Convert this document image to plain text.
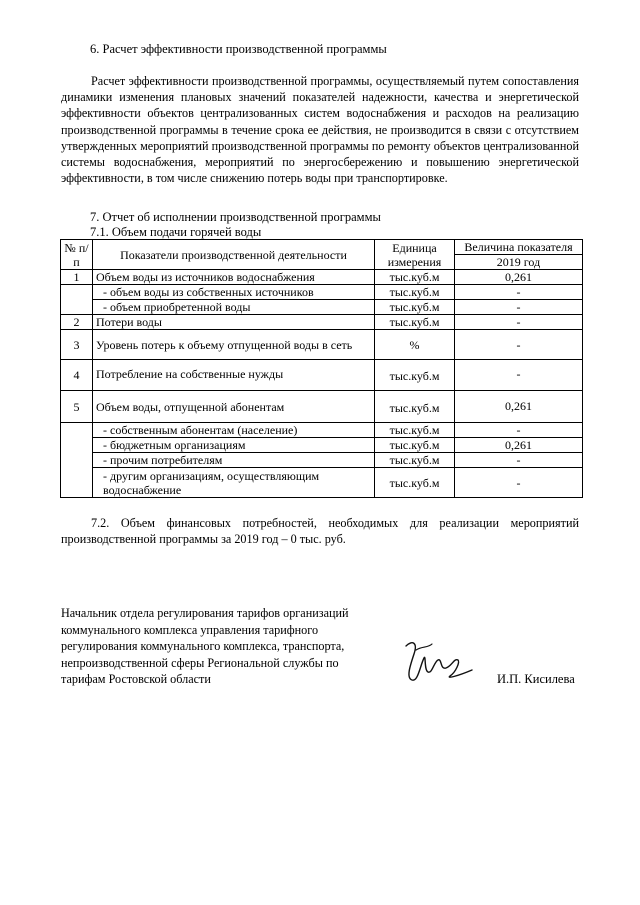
6. Расчет эффективности производственной программы
Расчет эффективности производственной программы, осуществляемый путем сопоставления динамики изменения плановых значений показателей надежности, качества и энергетической эффективности объектов централизованных систем водоснабжения и расходов на реализацию производственной программы в течение срока ее действия, не производится в связи с отсутствием утвержденных мероприятий производственной программы по ремонту объектов централизованной системы водоснабжения, мероприятий по энергосбережению и повышению энергетической эффективности, в том числе снижению потерь воды при транспортировке.
7. Отчет об исполнении производственной программы
7.1. Объем подачи горячей воды
№ п/п	Показатели производственной деятельности	Единица измерения	Величина показателя
			2019 год
1	Объем воды из источников водоснабжения	тыс.куб.м	0,261
	- объем воды из собственных источников	тыс.куб.м	-
	- объем приобретенной воды	тыс.куб.м	-
2	Потери воды	тыс.куб.м	-
3	Уровень потерь к объему отпущенной воды в сеть	%	-
4	Потребление на собственные нужды	тыс.куб.м	-
5	Объем воды, отпущенной абонентам	тыс.куб.м	0,261
	- собственным абонентам (население)	тыс.куб.м	-
	- бюджетным организациям	тыс.куб.м	0,261
	- прочим потребителям	тыс.куб.м	-
	- другим организациям, осуществляющим водоснабжение	тыс.куб.м	-
7.2. Объем финансовых потребностей, необходимых для реализации мероприятий производственной программы за 2019 год – 0 тыс. руб.
Начальник отдела регулирования тарифов организаций коммунального комплекса управления тарифного регулирования коммунального комплекса, транспорта, непроизводственной сферы Региональной службы по тарифам Ростовской области	И.П. Кисилева
